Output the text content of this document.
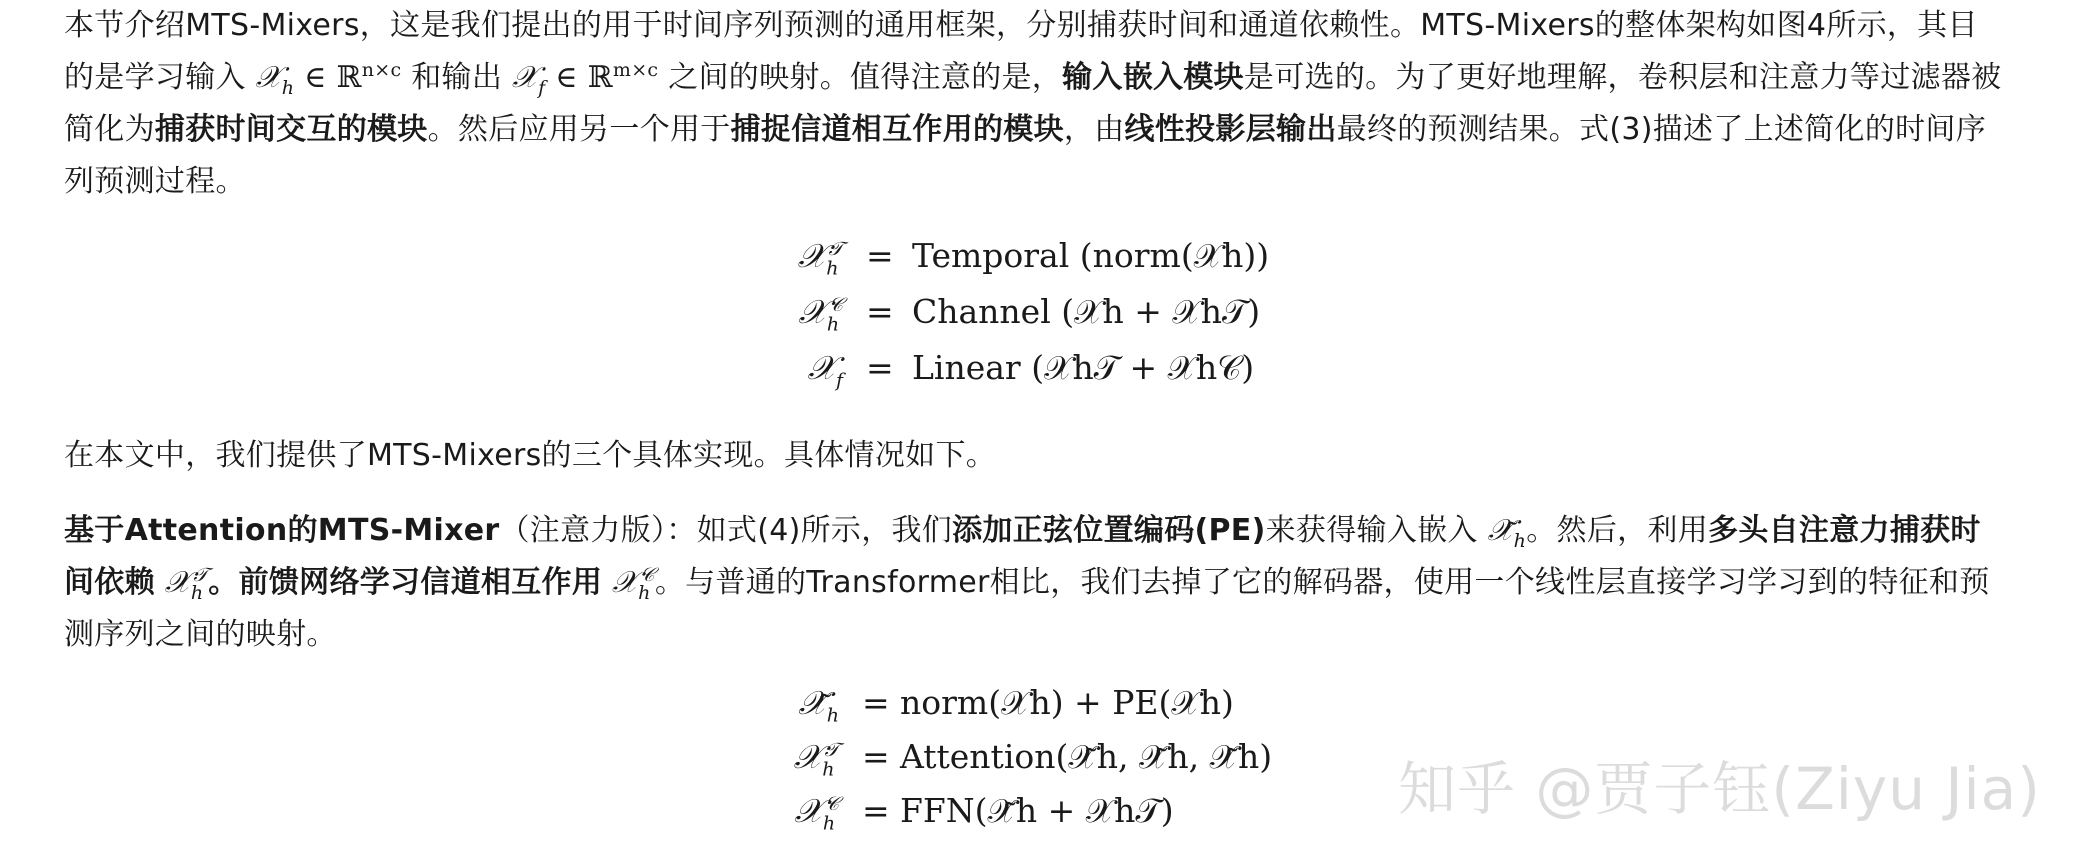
本节介绍MTS-Mixers，这是我们提出的用于时间序列预测的通用框架，分别捕获时间和通道依赖性。MTS-Mixers的整体架构如图4所示，其目的是学习输入 𝒳$_h$ ∈ ℝ$^{n\times c}$ 和输出 𝒳$_f$ ∈ ℝ$^{m\times c}$ 之间的映射。值得注意的是，输入嵌入模块是可选的。为了更好地理解，卷积层和注意力等过滤器被简化为捕获时间交互的模块。然后应用另一个用于捕捉信道相互作用的模块，由线性投影层输出最终的预测结果。式(3)描述了上述简化的时间序列预测过程。

𝒳$_h^𝒯$ = Temporal (norm(𝒳h))
𝒳$_h^𝒞$ = Channel (𝒳h + 𝒳h𝒯)
𝒳$_f$ = Linear (𝒳h𝒯 + 𝒳h𝒞)

在本文中，我们提供了MTS-Mixers的三个具体实现。具体情况如下。

基于Attention的MTS-Mixer（注意力版）：如式(4)所示，我们添加正弦位置编码(PE)来获得输入嵌入 $𝒳̃_h$。然后，利用多头自注意力捕获时间依赖 𝒳$_h^𝒯$。前馈网络学习信道相互作用 𝒳$_h^𝒞$。与普通的Transformer相比，我们去掉了它的解码器，使用一个线性层直接学习学习到的特征和预测序列之间的映射。

$𝒳̃_h$ = norm(𝒳h) + PE(𝒳h)
𝒳$_h^𝒯$ = Attention(𝒳̃h, 𝒳̃h, 𝒳̃h)
𝒳$_h^𝒞$ = FFN(𝒳̃h + 𝒳h𝒯)	知乎 @贾子钰(Ziyu Jia)
